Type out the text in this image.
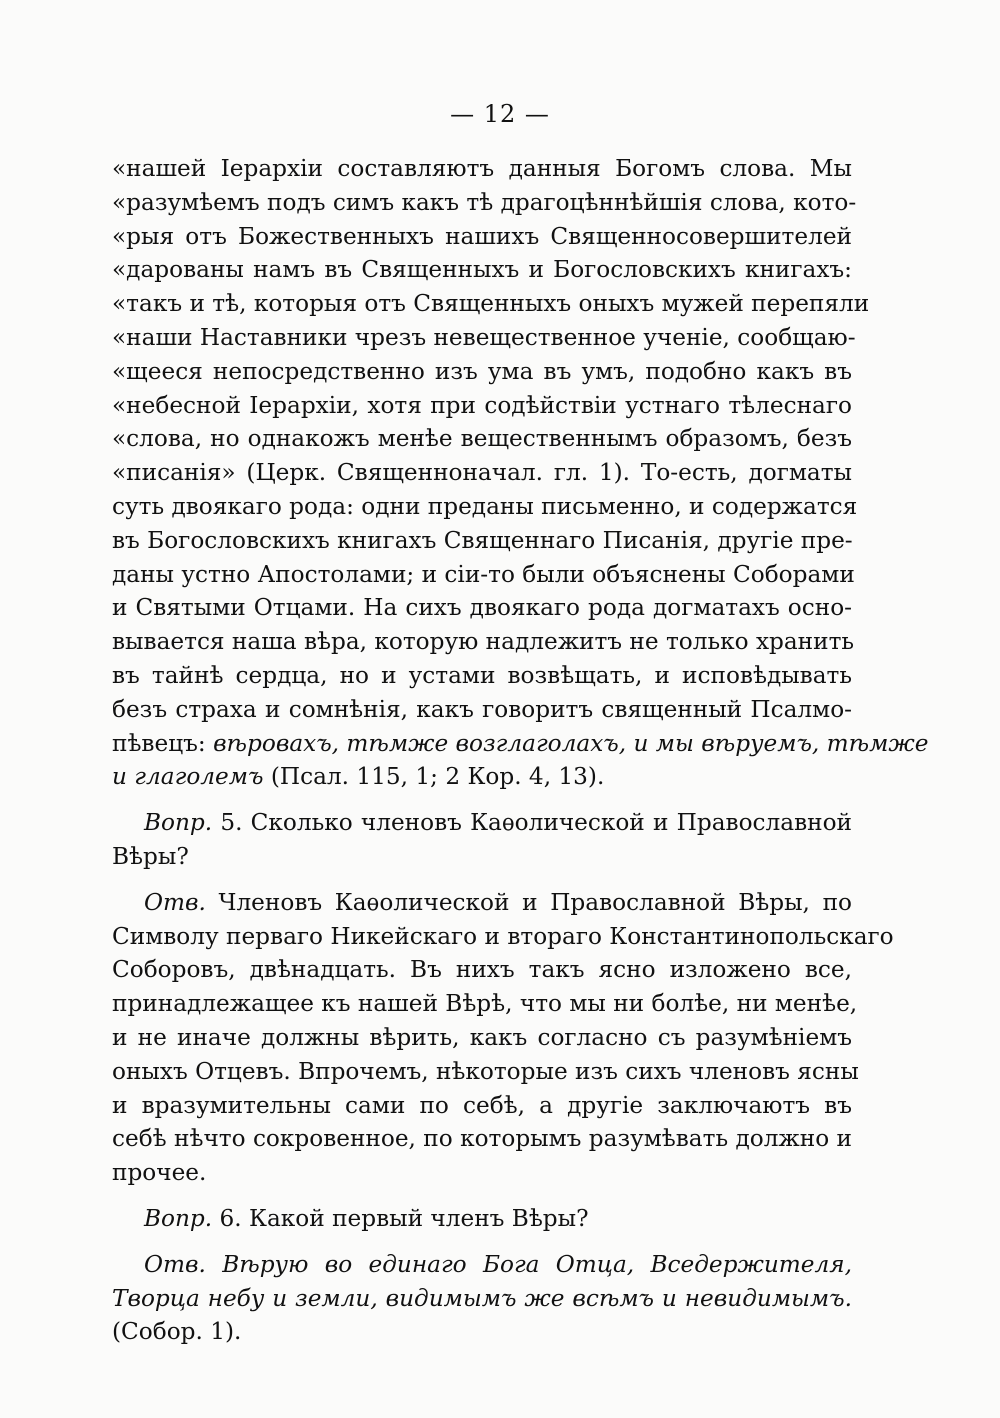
— 12 —
«нашей Іерархіи составляютъ данныя Богомъ слова. Мы
«разумѣемъ подъ симъ какъ тѣ драгоцѣннѣйшія слова, кото-
«рыя отъ Божественныхъ нашихъ Священносовершителей
«дарованы намъ въ Священныхъ и Богословскихъ книгахъ:
«такъ и тѣ, которыя отъ Священныхъ оныхъ мужей перепяли
«наши Наставники чрезъ невещественное ученіе, сообщаю-
«щееся непосредственно изъ ума въ умъ, подобно какъ въ
«небесной Іерархіи, хотя при содѣйствіи устнаго тѣлеснаго
«слова, но однакожъ менѣе вещественнымъ образомъ, безъ
«писанія» (Церк. Священноначал. гл. 1). То-есть, догматы
суть двоякаго рода: одни преданы письменно, и содержатся
въ Богословскихъ книгахъ Священнаго Писанія, другіе пре-
даны устно Апостолами; и сіи-то были объяснены Соборами
и Святыми Отцами. На сихъ двоякаго рода догматахъ осно-
вывается наша вѣра, которую надлежитъ не только хранить
въ тайнѣ сердца, но и устами возвѣщать, и исповѣдывать
безъ страха и сомнѣнія, какъ говоритъ священный Псалмо-
пѣвецъ: вѣровахъ, тѣмже возглаголахъ, и мы вѣруемъ, тѣмже
и глаголемъ (Псал. 115, 1; 2 Кор. 4, 13).
Вопр. 5. Сколько членовъ Каѳолической и Православной
Вѣры?
Отв. Членовъ Каѳолической и Православной Вѣры, по
Символу перваго Никейскаго и втораго Константинопольскаго
Соборовъ, двѣнадцать. Въ нихъ такъ ясно изложено все,
принадлежащее къ нашей Вѣрѣ, что мы ни болѣе, ни менѣе,
и не иначе должны вѣрить, какъ согласно съ разумѣніемъ
оныхъ Отцевъ. Впрочемъ, нѣкоторые изъ сихъ членовъ ясны
и вразумительны сами по себѣ, а другіе заключаютъ въ
себѣ нѣчто сокровенное, по которымъ разумѣвать должно и
прочее.
Вопр. 6. Какой первый членъ Вѣры?
Отв. Вѣрую во единаго Бога Отца, Вседержителя,
Творца небу и земли, видимымъ же всѣмъ и невидимымъ.
(Собор. 1).
